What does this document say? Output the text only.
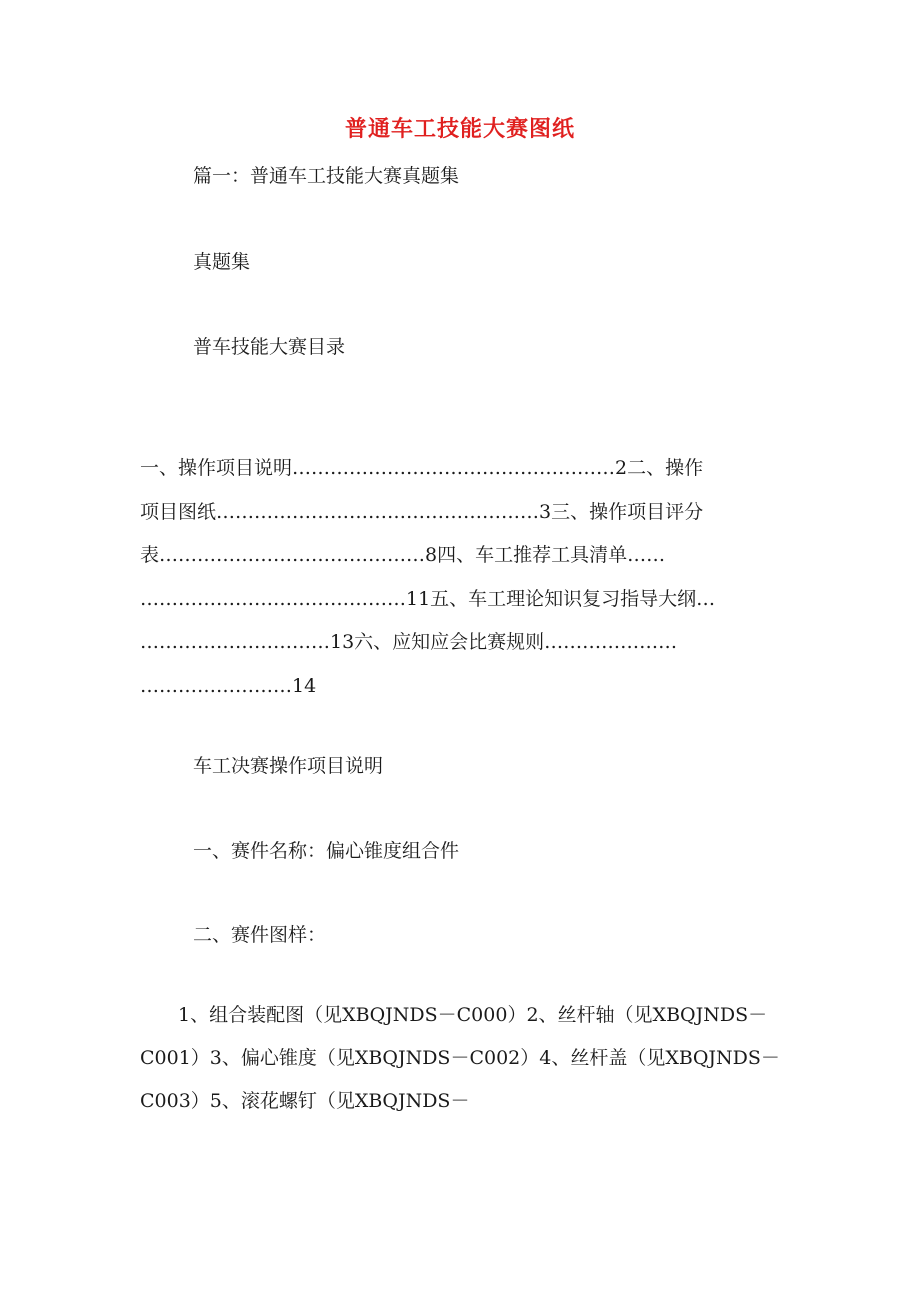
普通车工技能大赛图纸
篇一：普通车工技能大赛真题集
真题集
普车技能大赛目录
一、操作项目说明……………………………………………2二、操作
项目图纸……………………………………………3三、操作项目评分
表……………………………………8四、车工推荐工具清单……
……………………………………11五、车工理论知识复习指导大纲…
…………………………13六、应知应会比赛规则…………………
……………………14
车工决赛操作项目说明
一、赛件名称：偏心锥度组合件
二、赛件图样：
　　1、组合装配图（见XBQJNDS－C000）2、丝杆轴（见XBQJNDS－
C001）3、偏心锥度（见XBQJNDS－C002）4、丝杆盖（见XBQJNDS－
C003）5、滚花螺钉（见XBQJNDS－
